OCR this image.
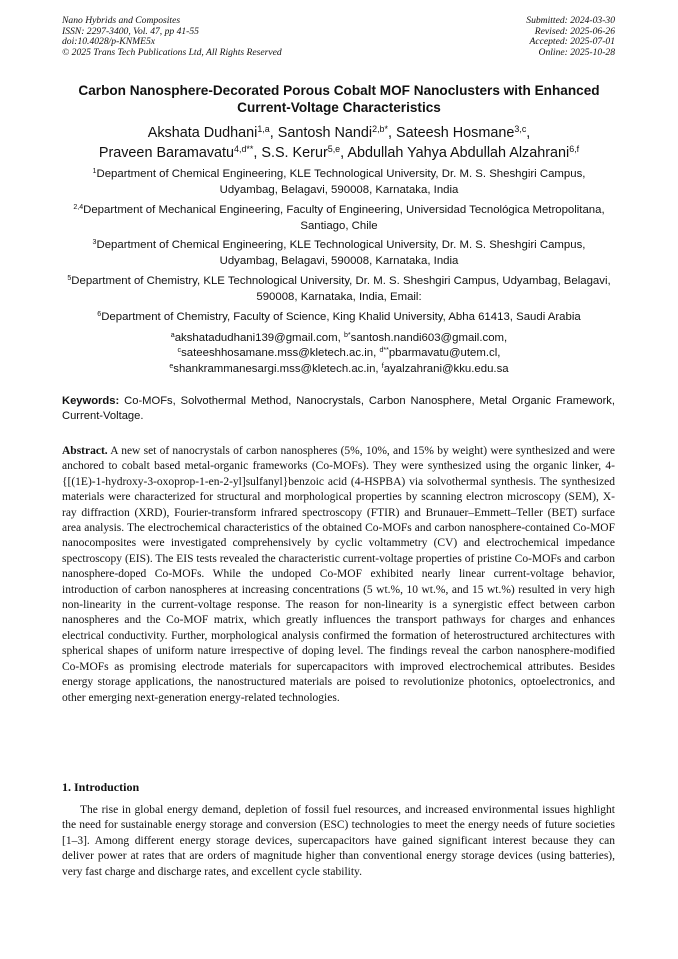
Nano Hybrids and Composites
ISSN: 2297-3400, Vol. 47, pp 41-55
doi:10.4028/p-KNME5x
© 2025 Trans Tech Publications Ltd, All Rights Reserved
Submitted: 2024-03-30
Revised: 2025-06-26
Accepted: 2025-07-01
Online: 2025-10-28
Carbon Nanosphere-Decorated Porous Cobalt MOF Nanoclusters with Enhanced Current-Voltage Characteristics
Akshata Dudhani$^{1,a}$, Santosh Nandi$^{2,b*}$, Sateesh Hosmane$^{3,c}$,
Praveen Baramavatu$^{4,d**}$, S.S. Kerur$^{5,e}$, Abdullah Yahya Abdullah Alzahrani$^{6,f}$
$^1$Department of Chemical Engineering, KLE Technological University, Dr. M. S. Sheshgiri Campus, Udyambag, Belagavi, 590008, Karnataka, India
$^{2,4}$Department of Mechanical Engineering, Faculty of Engineering, Universidad Tecnológica Metropolitana, Santiago, Chile
$^3$Department of Chemical Engineering, KLE Technological University, Dr. M. S. Sheshgiri Campus, Udyambag, Belagavi, 590008, Karnataka, India
$^5$Department of Chemistry, KLE Technological University, Dr. M. S. Sheshgiri Campus, Udyambag, Belagavi, 590008, Karnataka, India, Email:
$^6$Department of Chemistry, Faculty of Science, King Khalid University, Abha 61413, Saudi Arabia
$^a$akshatadudhani139@gmail.com, $^{b*}$santosh.nandi603@gmail.com,
$^c$sateeshhosamane.mss@kletech.ac.in, $^{d**}$pbarmavatu@utem.cl,
$^e$shankrammanesargi.mss@kletech.ac.in, $^f$ayalzahrani@kku.edu.sa
Keywords: Co-MOFs, Solvothermal Method, Nanocrystals, Carbon Nanosphere, Metal Organic Framework, Current-Voltage.
Abstract. A new set of nanocrystals of carbon nanospheres (5%, 10%, and 15% by weight) were synthesized and were anchored to cobalt based metal-organic frameworks (Co-MOFs). They were synthesized using the organic linker, 4-{[(1E)-1-hydroxy-3-oxoprop-1-en-2-yl]sulfanyl}benzoic acid (4-HSPBA) via solvothermal synthesis. The synthesized materials were characterized for structural and morphological properties by scanning electron microscopy (SEM), X-ray diffraction (XRD), Fourier-transform infrared spectroscopy (FTIR) and Brunauer–Emmett–Teller (BET) surface area analysis. The electrochemical characteristics of the obtained Co-MOFs and carbon nanosphere-contained Co-MOF nanocomposites were investigated comprehensively by cyclic voltammetry (CV) and electrochemical impedance spectroscopy (EIS). The EIS tests revealed the characteristic current-voltage properties of pristine Co-MOFs and carbon nanosphere-doped Co-MOFs. While the undoped Co-MOF exhibited nearly linear current-voltage behavior, introduction of carbon nanospheres at increasing concentrations (5 wt.%, 10 wt.%, and 15 wt.%) resulted in very high non-linearity in the current-voltage response. The reason for non-linearity is a synergistic effect between carbon nanospheres and the Co-MOF matrix, which greatly influences the transport pathways for charges and enhances electrical conductivity. Further, morphological analysis confirmed the formation of heterostructured architectures with spherical shapes of uniform nature irrespective of doping level. The findings reveal the carbon nanosphere-modified Co-MOFs as promising electrode materials for supercapacitors with improved electrochemical attributes. Besides energy storage applications, the nanostructured materials are poised to revolutionize photonics, optoelectronics, and other emerging next-generation energy-related technologies.
1. Introduction
The rise in global energy demand, depletion of fossil fuel resources, and increased environmental issues highlight the need for sustainable energy storage and conversion (ESC) technologies to meet the energy needs of future societies [1–3]. Among different energy storage devices, supercapacitors have gained significant interest because they can deliver power at rates that are orders of magnitude higher than conventional energy storage devices (using batteries), very fast charge and discharge rates, and excellent cycle stability.
